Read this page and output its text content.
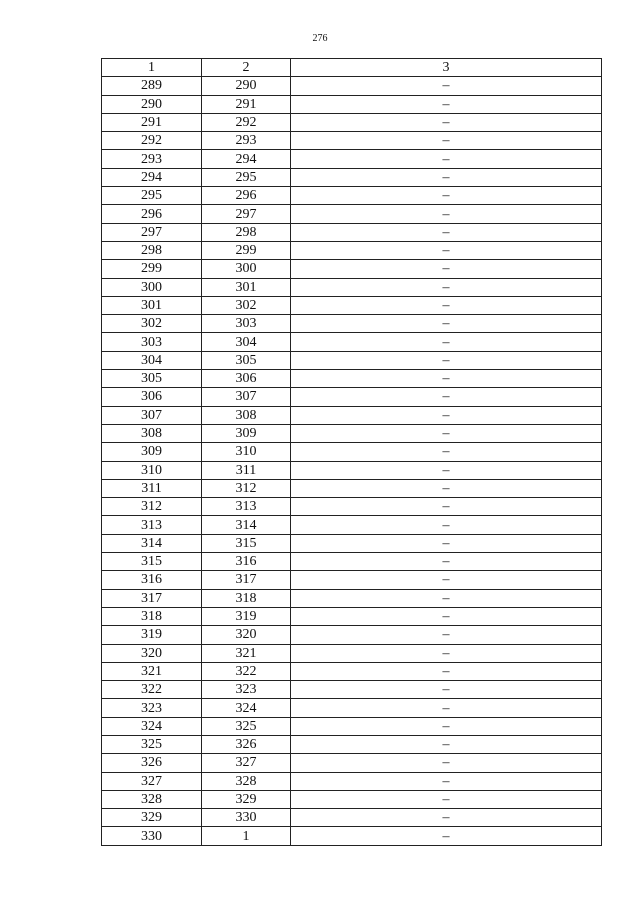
276
1	2	3
289	290	–
290	291	–
291	292	–
292	293	–
293	294	–
294	295	–
295	296	–
296	297	–
297	298	–
298	299	–
299	300	–
300	301	–
301	302	–
302	303	–
303	304	–
304	305	–
305	306	–
306	307	–
307	308	–
308	309	–
309	310	–
310	311	–
311	312	–
312	313	–
313	314	–
314	315	–
315	316	–
316	317	–
317	318	–
318	319	–
319	320	–
320	321	–
321	322	–
322	323	–
323	324	–
324	325	–
325	326	–
326	327	–
327	328	–
328	329	–
329	330	–
330	1	–
